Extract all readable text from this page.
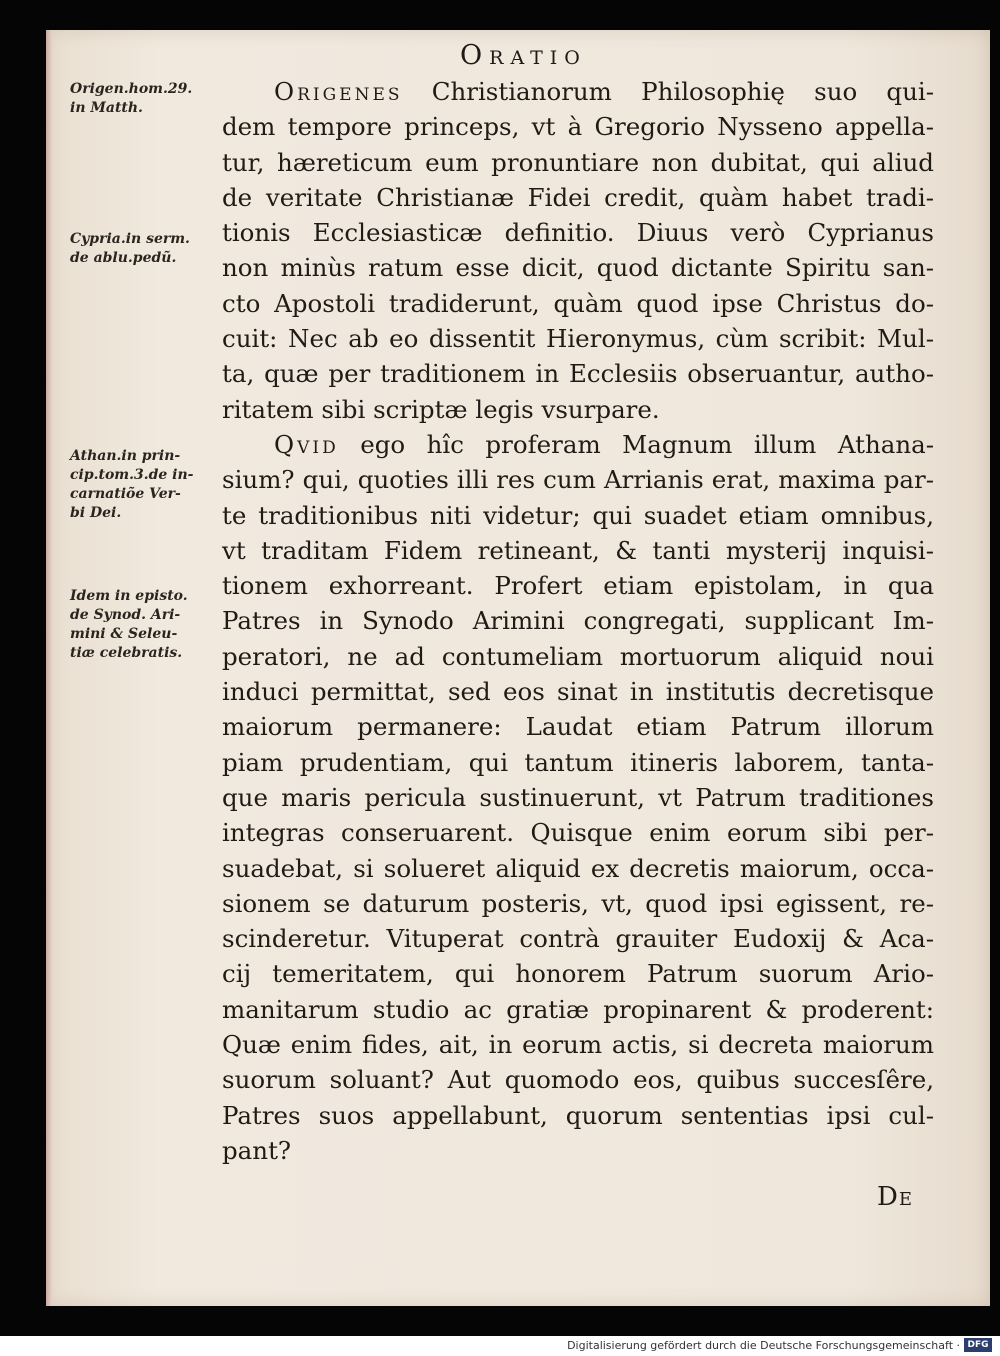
Oratio
Origen.hom.29.
in Matth.
Cypria.in serm.
de ablu.pedũ.
Athan.in prin-
cip.tom.3.de in-
carnatiõe Ver-
bi Dei.
Idem in episto.
de Synod. Ari-
mini & Seleu-
tiæ celebratis.

Origenes Christianorum Philosophię suo qui-
dem tempore princeps, vt à Gregorio Nysseno appella-
tur, hæreticum eum pronuntiare non dubitat, qui aliud
de veritate Christianæ Fidei credit, quàm habet tradi-
tionis Ecclesiasticæ definitio. Diuus verò Cyprianus
non minùs ratum esse dicit, quod dictante Spiritu san-
cto Apostoli tradiderunt, quàm quod ipse Christus do-
cuit: Nec ab eo dissentit Hieronymus, cùm scribit: Mul-
ta, quæ per traditionem in Ecclesiis obseruantur, autho-
ritatem sibi scriptæ legis vsurpare.

Qvid ego hîc proferam Magnum illum Athana-
sium? qui, quoties illi res cum Arrianis erat, maxima par-
te traditionibus niti videtur; qui suadet etiam omnibus,
vt traditam Fidem retineant, & tanti mysterij inquisi-
tionem exhorreant. Profert etiam epistolam, in qua
Patres in Synodo Arimini congregati, supplicant Im-
peratori, ne ad contumeliam mortuorum aliquid noui
induci permittat, sed eos sinat in institutis decretisque
maiorum permanere: Laudat etiam Patrum illorum
piam prudentiam, qui tantum itineris laborem, tanta-
que maris pericula sustinuerunt, vt Patrum traditiones
integras conseruarent. Quisque enim eorum sibi per-
suadebat, si solueret aliquid ex decretis maiorum, occa-
sionem se daturum posteris, vt, quod ipsi egissent, re-
scinderetur. Vituperat contrà grauiter Eudoxij & Aca-
cij temeritatem, qui honorem Patrum suorum Ario-
manitarum studio ac gratiæ propinarent & proderent:
Quæ enim fides, ait, in eorum actis, si decreta maiorum
suorum soluant? Aut quomodo eos, quibus succesſêre,
Patres suos appellabunt, quorum sententias ipsi cul-
pant?

De
Digitalisierung gefördert durch die Deutsche Forschungsgemeinschaft · DFG
